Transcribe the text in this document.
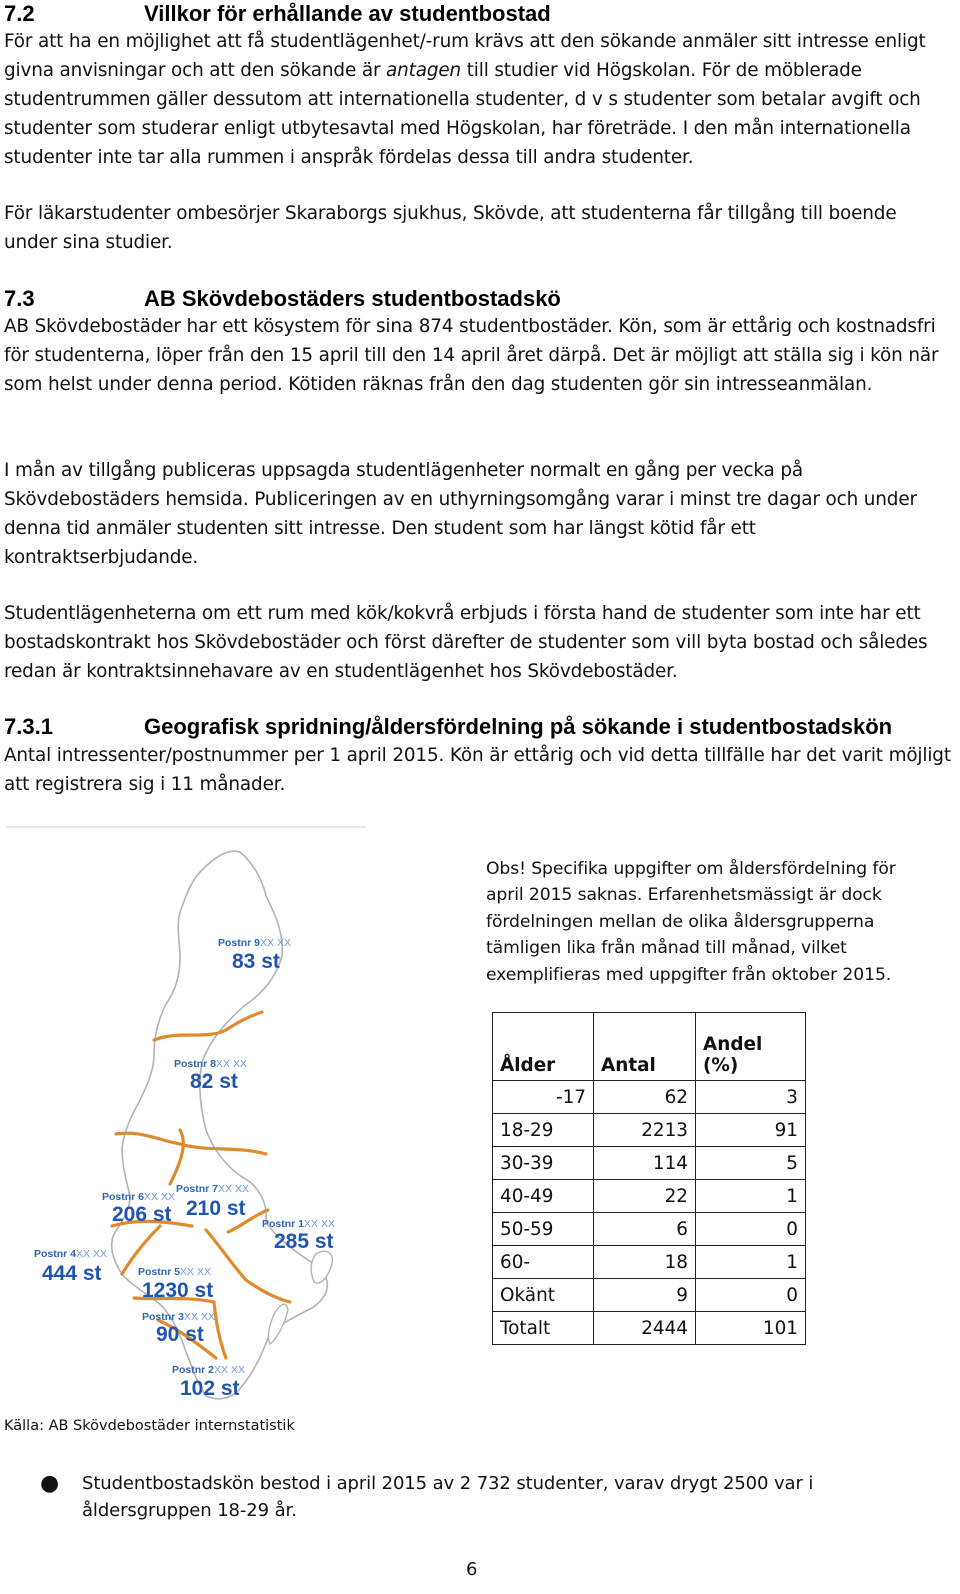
7.2	Villkor för erhållande av studentbostad
För att ha en möjlighet att få studentlägenhet/-rum krävs att den sökande anmäler sitt intresse enligt givna anvisningar och att den sökande är antagen till studier vid Högskolan. För de möblerade studentrummen gäller dessutom att internationella studenter, d v s studenter som betalar avgift och studenter som studerar enligt utbytesavtal med Högskolan, har företräde. I den mån internationella studenter inte tar alla rummen i anspråk fördelas dessa till andra studenter.
För läkarstudenter ombesörjer Skaraborgs sjukhus, Skövde, att studenterna får tillgång till boende under sina studier.
7.3	AB Skövdebostäders studentbostadskö
AB Skövdebostäder har ett kösystem för sina 874 studentbostäder. Kön, som är ettårig och kostnadsfri för studenterna, löper från den 15 april till den 14 april året därpå. Det är möjligt att ställa sig i kön när som helst under denna period. Kötiden räknas från den dag studenten gör sin intresseanmälan.
I mån av tillgång publiceras uppsagda studentlägenheter normalt en gång per vecka på Skövdebostäders hemsida. Publiceringen av en uthyrningsomgång varar i minst tre dagar och under denna tid anmäler studenten sitt intresse. Den student som har längst kötid får ett kontraktserbjudande.
Studentlägenheterna om ett rum med kök/kokvrå erbjuds i första hand de studenter som inte har ett bostadskontrakt hos Skövdebostäder och först därefter de studenter som vill byta bostad och således redan är kontraktsinnehavare av en studentlägenhet hos Skövdebostäder.
7.3.1	Geografisk spridning/åldersfördelning på sökande i studentbostadskön
Antal intressenter/postnummer per 1 april 2015. Kön är ettårig och vid detta tillfälle har det varit möjligt att registrera sig i 11 månader.
Postnr 9XX XX
83 st
Postnr 8XX XX
82 st
Postnr 6XX XX
206 st
Postnr 7XX XX
210 st
Postnr 1XX XX
285 st
Postnr 4XX XX
444 st	Postnr 5XX XX
1230 st
Postnr 3XX XX
90 st
Postnr 2XX XX
102 st
Obs! Specifika uppgifter om åldersfördelning för april 2015 saknas. Erfarenhetsmässigt är dock fördelningen mellan de olika åldersgrupperna tämligen lika från månad till månad, vilket exemplifieras med uppgifter från oktober 2015.
Ålder	Antal	Andel (%)
-17	62	3
18-29	2213	91
30-39	114	5
40-49	22	1
50-59	6	0
60-	18	1
Okänt	9	0
Totalt	2444	101
Källa: AB Skövdebostäder internstatistik
● Studentbostadskön bestod i april 2015 av 2 732 studenter, varav drygt 2500 var i åldersgruppen 18-29 år.
6
